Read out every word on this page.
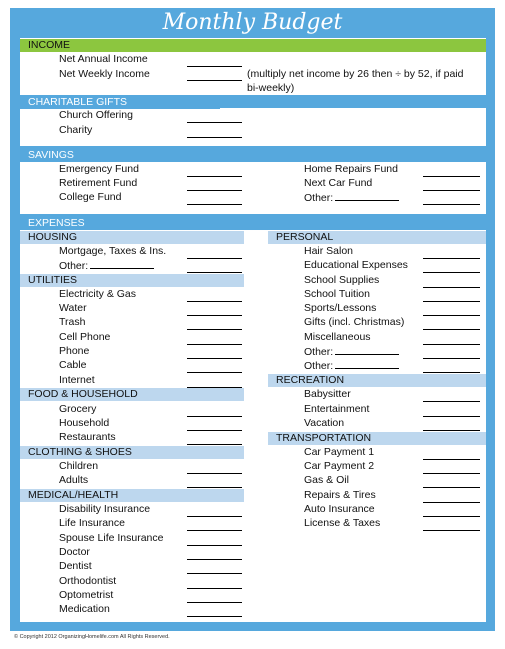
Monthly Budget
INCOME
Net Annual Income
Net Weekly Income	(multiply net income by 26 then ÷ by 52, if paid bi-weekly)
CHARITABLE GIFTS
Church Offering
Charity
SAVINGS
Emergency Fund
Retirement Fund
College Fund
Home Repairs Fund
Next Car Fund
Other:
EXPENSES
HOUSING
Mortgage, Taxes & Ins.
Other:
UTILITIES
Electricity & Gas
Water
Trash
Cell Phone
Phone
Cable
Internet
FOOD & HOUSEHOLD
Grocery
Household
Restaurants
CLOTHING & SHOES
Children
Adults
MEDICAL/HEALTH
Disability Insurance
Life Insurance
Spouse Life Insurance
Doctor
Dentist
Orthodontist
Optometrist
Medication
PERSONAL
Hair Salon
Educational Expenses
School Supplies
School Tuition
Sports/Lessons
Gifts (incl. Christmas)
Miscellaneous
Other:
Other:
RECREATION
Babysitter
Entertainment
Vacation
TRANSPORTATION
Car Payment 1
Car Payment 2
Gas & Oil
Repairs & Tires
Auto Insurance
License & Taxes
© Copyright 2012 OrganizingHomelife.com All Rights Reserved.
